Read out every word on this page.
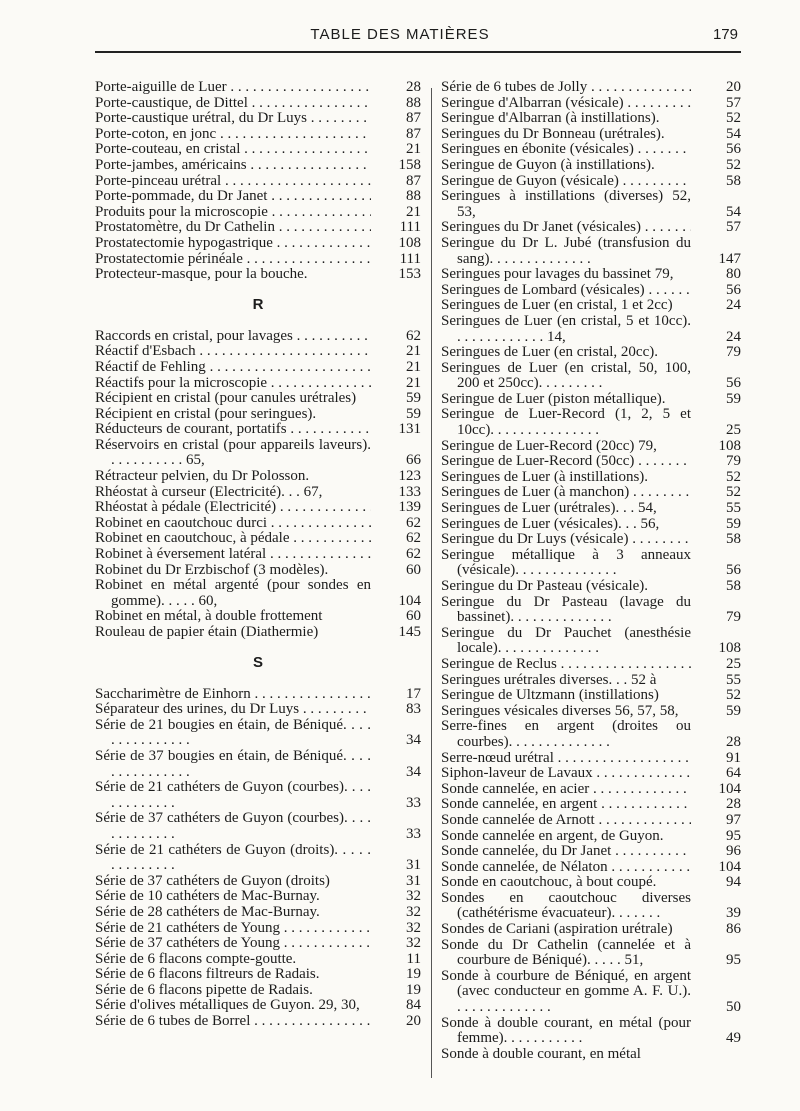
TABLE DES MATIÈRES	179
Porte-aiguille de Luer . . .	28
Porte-caustique, de Dittel . . .	88
Porte-caustique urétral, du Dr Luys . . .	87
Porte-coton, en jonc . . .	87
Porte-couteau, en cristal . . .	21
Porte-jambes, américains . . .	158
Porte-pinceau urétral . . .	87
Porte-pommade, du Dr Janet . . .	88
Produits pour la microscopie . . .	21
Prostatomètre, du Dr Cathelin . . .	111
Prostatectomie hypogastrique . . .	108
Prostatectomie périnéale . . .	111
Protecteur-masque, pour la bouche.	153
R
Raccords en cristal, pour lavages . . .	62
Réactif d'Esbach . . .	21
Réactif de Fehling . . .	21
Réactifs pour la microscopie . . .	21
Récipient en cristal (pour canules urétrales)	59
Récipient en cristal (pour seringues).	59
Réducteurs de courant, portatifs . . .	131
Réservoirs en cristal (pour appareils laveurs). . . . . . . . . . . 65,	66
Rétracteur pelvien, du Dr Polosson.	123
Rhéostat à curseur (Electricité). . . 67,	133
Rhéostat à pédale (Electricité) . . .	139
Robinet en caoutchouc durci . . .	62
Robinet en caoutchouc, à pédale . . .	62
Robinet à éversement latéral . . .	62
Robinet du Dr Erzbischof (3 modèles).	60
Robinet en métal argenté (pour sondes en gomme). . . . . 60,	104
Robinet en métal, à double frottement	60
Rouleau de papier étain (Diathermie)	145
S
Saccharimètre de Einhorn . . .	17
Séparateur des urines, du Dr Luys . . .	83
Série de 21 bougies en étain, de Béniqué. . . . . . . . . . . . . . .	34
Série de 37 bougies en étain, de Béniqué. . . . . . . . . . . . . . .	34
Série de 21 cathéters de Guyon (courbes). . . . . . . . . . . . .	33
Série de 37 cathéters de Guyon (courbes). . . . . . . . . . . . .	33
Série de 21 cathéters de Guyon (droits). . . . . . . . . . . . . .	31
Série de 37 cathéters de Guyon (droits)	31
Série de 10 cathéters de Mac-Burnay.	32
Série de 28 cathéters de Mac-Burnay.	32
Série de 21 cathéters de Young . . .	32
Série de 37 cathéters de Young . . .	32
Série de 6 flacons compte-goutte.	11
Série de 6 flacons filtreurs de Radais.	19
Série de 6 flacons pipette de Radais.	19
Série d'olives métalliques de Guyon. 29, 30,	84
Série de 6 tubes de Borrel . . .	20
Série de 6 tubes de Jolly . . .	20
Seringue d'Albarran (vésicale) . . .	57
Seringue d'Albarran (à instillations).	52
Seringues du Dr Bonneau (urétrales).	54
Seringues en ébonite (vésicales) . . .	56
Seringue de Guyon (à instillations).	52
Seringue de Guyon (vésicale) . . .	58
Seringues à instillations (diverses) 52, 53,	54
Seringues du Dr Janet (vésicales) . . .	57
Seringue du Dr L. Jubé (transfusion du sang). . . . . . . . . . . . . .	147
Seringues pour lavages du bassinet 79,	80
Seringues de Lombard (vésicales) . . .	56
Seringues de Luer (en cristal, 1 et 2cc)	24
Seringues de Luer (en cristal, 5 et 10cc). . . . . . . . . . . . . 14,	24
Seringues de Luer (en cristal, 20cc).	79
Seringues de Luer (en cristal, 50, 100, 200 et 250cc). . . . . . . . .	56
Seringue de Luer (piston métallique).	59
Seringue de Luer-Record (1, 2, 5 et 10cc). . . . . . . . . . . . . . .	25
Seringue de Luer-Record (20cc) 79,	108
Seringue de Luer-Record (50cc) . . .	79
Seringues de Luer (à instillations).	52
Seringues de Luer (à manchon) . . .	52
Seringues de Luer (urétrales). . . 54,	55
Seringues de Luer (vésicales). . . 56,	59
Seringue du Dr Luys (vésicale) . . .	58
Seringue métallique à 3 anneaux (vésicale). . . . . . . . . . . . . .	56
Seringue du Dr Pasteau (vésicale).	58
Seringue du Dr Pasteau (lavage du bassinet). . . . . . . . . . . . . .	79
Seringue du Dr Pauchet (anesthésie locale). . . . . . . . . . . . . .	108
Seringue de Reclus . . .	25
Seringues urétrales diverses. . . 52 à	55
Seringue de Ultzmann (instillations)	52
Seringues vésicales diverses 56, 57, 58,	59
Serre-fines en argent (droites ou courbes). . . . . . . . . . . . . .	28
Serre-nœud urétral . . .	91
Siphon-laveur de Lavaux . . .	64
Sonde cannelée, en acier . . .	104
Sonde cannelée, en argent . . .	28
Sonde cannelée de Arnott . . .	97
Sonde cannelée en argent, de Guyon.	95
Sonde cannelée, du Dr Janet . . .	96
Sonde cannelée, de Nélaton . . .	104
Sonde en caoutchouc, à bout coupé.	94
Sondes en caoutchouc diverses (cathétérisme évacuateur). . . . . . .	39
Sondes de Cariani (aspiration urétrale)	86
Sonde du Dr Cathelin (cannelée et à courbure de Béniqué). . . . . 51,	95
Sonde à courbure de Béniqué, en argent (avec conducteur en gomme A. F. U.). . . . . . . . . . . . . .	50
Sonde à double courant, en métal (pour femme). . . . . . . . . . .	49
Sonde à double courant, en métal
